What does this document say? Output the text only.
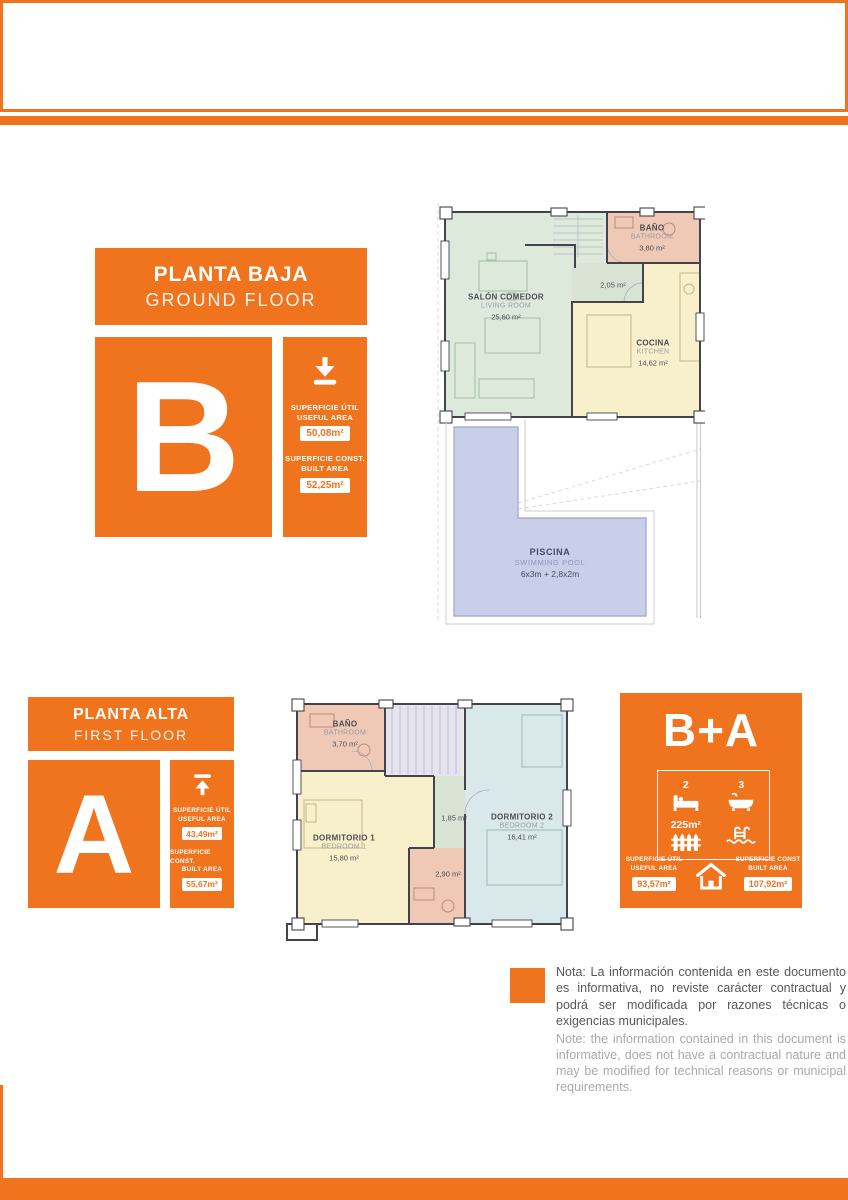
PLANTA BAJA
GROUND FLOOR
B	SUPERFICIE ÚTIL
USEFUL AREA
50,08m²
SUPERFICIE CONST.
BUILT AREA
52,25m²
SALÓN COMEDOR
LIVING ROOM
25,60 m²
BAÑO
BATHROOM
3,80 m²
2,05 m²
COCINA
KITCHEN
14,62 m²
PISCINA
SWIMMING POOL
6x3m + 2,8x2m
PLANTA ALTA
FIRST FLOOR
A	SUPERFICIE ÚTIL
USEFUL AREA
43,49m²
SUPERFICIE CONST.
BUILT AREA
55,67m²
BAÑO
BATHROOM
3,70 m²
DORMITORIO 1
BEDROOM 1
15,80 m²
1,85 m²	DORMITORIO 2
BEDROOM 2
16,41 m²
2,90 m²
B+A
2	3
225m²
SUPERFICIE ÚTIL
USEFUL AREA
93,57m²
SUPERFICIE CONST
BUILT AREA
107,92m²

Nota: La información contenida en este documento es informativa, no reviste carácter contractual y podrá ser modificada por razones técnicas o exigencias municipales.

Note: the information contained in this document is informative, does not have a contractual nature and may be modified for technical reasons or municipal requirements.
